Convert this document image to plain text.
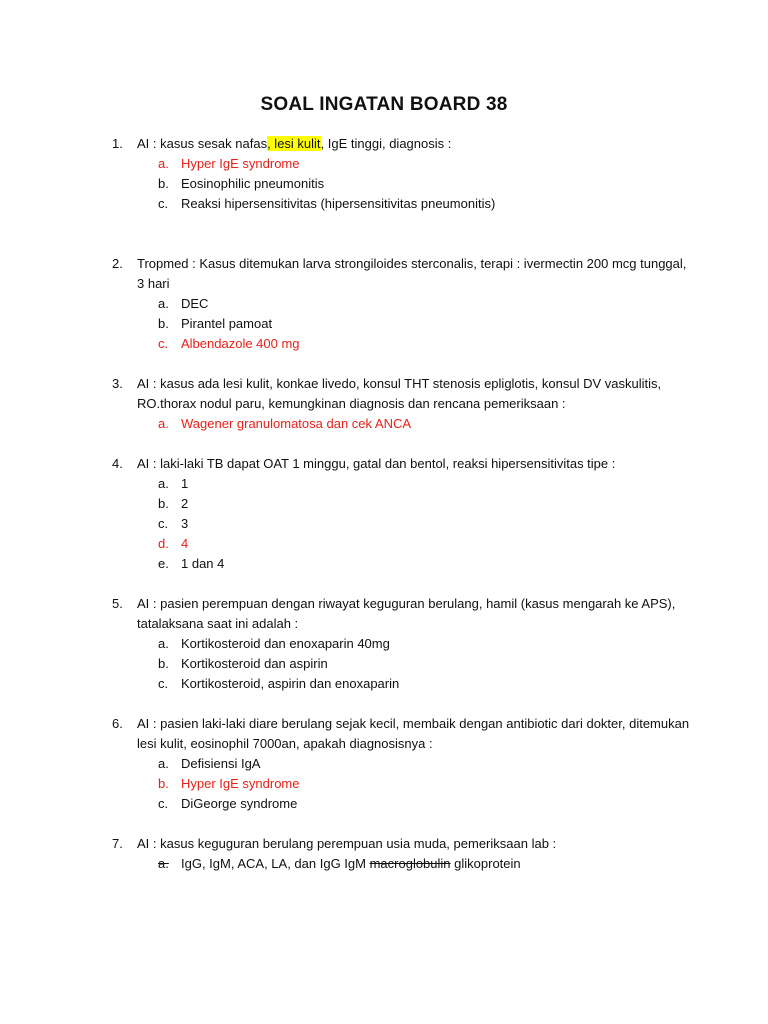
SOAL INGATAN BOARD 38
1.	AI : kasus sesak nafas, lesi kulit, IgE tinggi, diagnosis :
a. Hyper IgE syndrome
b. Eosinophilic pneumonitis
c. Reaksi hipersensitivitas (hipersensitivitas pneumonitis)
2.	Tropmed : Kasus ditemukan larva strongiloides sterconalis, terapi : ivermectin 200 mcg tunggal,
3 hari
a. DEC
b. Pirantel pamoat
c. Albendazole 400 mg
3.	AI : kasus ada lesi kulit, konkae livedo, konsul THT stenosis epliglotis, konsul DV vaskulitis,
RO.thorax nodul paru, kemungkinan diagnosis dan rencana pemeriksaan :
a. Wagener granulomatosa dan cek ANCA
4.	AI : laki-laki TB dapat OAT 1 minggu, gatal dan bentol, reaksi hipersensitivitas tipe :
a. 1
b. 2
c. 3
d. 4
e. 1 dan 4
5.	AI : pasien perempuan dengan riwayat keguguran berulang, hamil (kasus mengarah ke APS),
tatalaksana saat ini adalah :
a. Kortikosteroid dan enoxaparin 40mg
b. Kortikosteroid dan aspirin
c. Kortikosteroid, aspirin dan enoxaparin
6.	AI : pasien laki-laki diare berulang sejak kecil, membaik dengan antibiotic dari dokter, ditemukan
lesi kulit, eosinophil 7000an, apakah diagnosisnya :
a. Defisiensi IgA
b. Hyper IgE syndrome
c. DiGeorge syndrome
7.	AI : kasus keguguran berulang perempuan usia muda, pemeriksaan lab :
a. IgG, IgM, ACA, LA, dan IgG IgM macroglobulin glikoprotein
